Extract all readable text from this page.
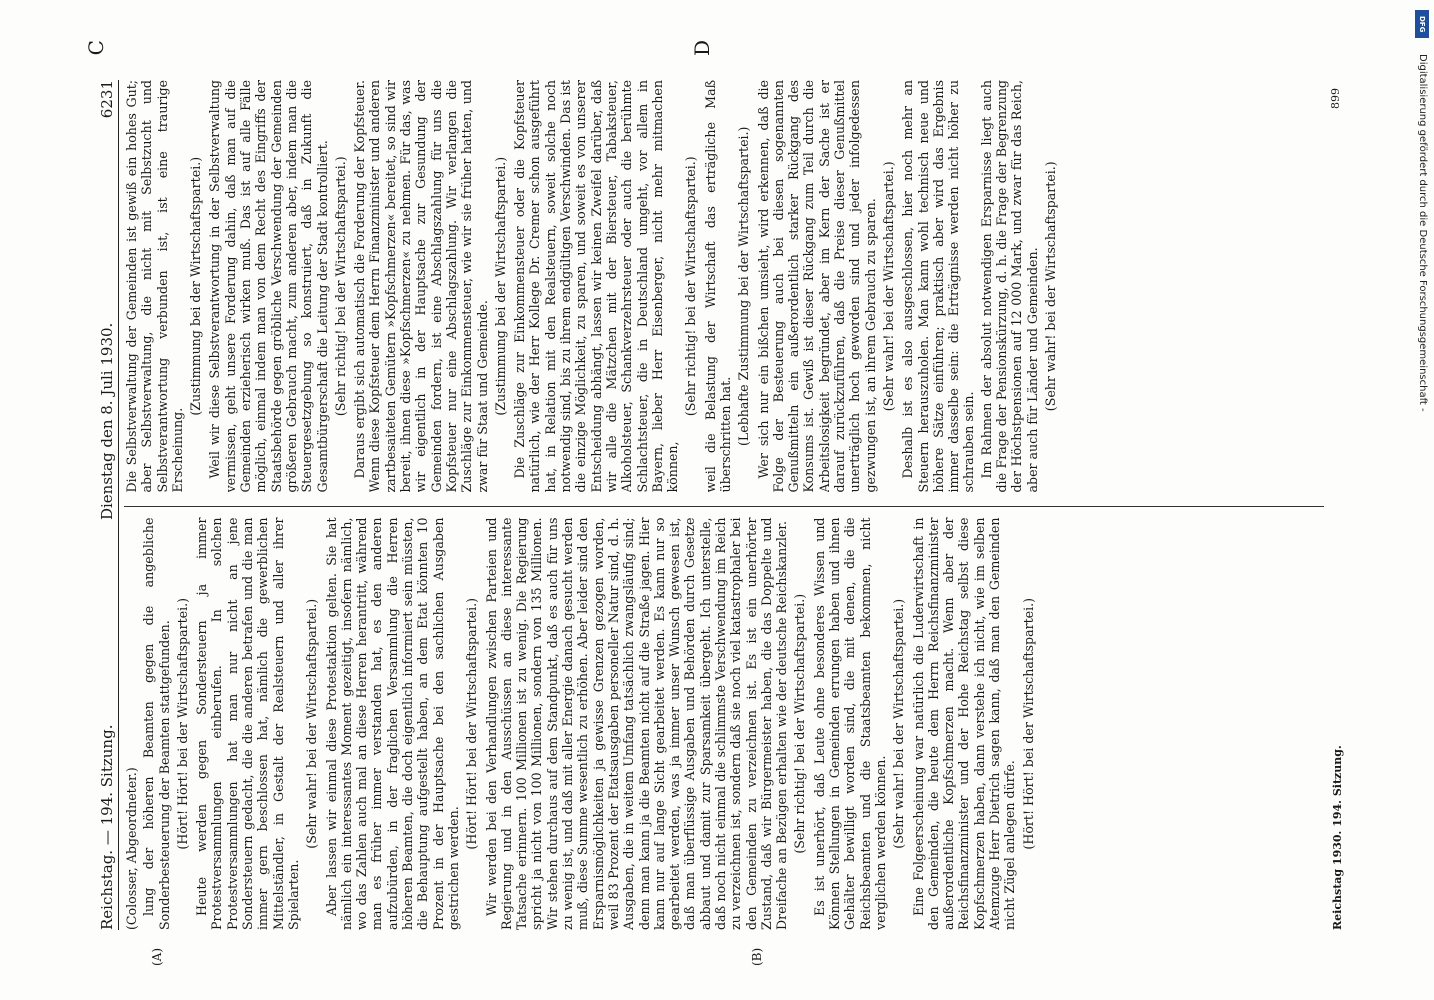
Reichstag. — 194. Sitzung.
Dienstag den 8. Juli 1930.
6231
(A)	(B)
C	D

(Colosser, Abgeordneter.) lung der höheren Beamten gegen die angebliche Sonderbesteuerung der Beamten stattgefunden. (Hört! Hört! bei der Wirtschaftspartei.) Heute werden gegen Sondersteuern ja immer Protestversammlungen einberufen. In solchen Protestversammlungen hat man nur nicht an jene Sondersteuern gedacht, die die anderen betrafen und die man immer gern beschlossen hat, nämlich die gewerblichen Mittelständler, in Gestalt der Realsteuern und aller ihrer Spielarten.

(Sehr wahr! bei der Wirtschaftspartei.) Aber lassen wir einmal diese Protestaktion gelten. Sie hat nämlich ein interessantes Moment gezeitigt, insofern nämlich, wo das Zahlen auch mal an diese Herren herantritt, während man es früher immer verstanden hat, es den anderen aufzubürden, in der fraglichen Versammlung die Herren höheren Beamten, die doch eigentlich informiert sein müssten, die Behauptung aufgestellt haben, an dem Etat könnten 10 Prozent in der Hauptsache bei den sachlichen Ausgaben gestrichen werden.

(Hört! Hört! bei der Wirtschaftspartei.) Wir werden bei den Verhandlungen zwischen Parteien und Regierung und in den Ausschüssen an diese interessante Tatsache erinnern. 100 Millionen ist zu wenig. Die Regierung spricht ja nicht von 100 Millionen, sondern von 135 Millionen. Wir stehen durchaus auf dem Standpunkt, daß es auch für uns zu wenig ist, und daß mit aller Energie danach gesucht werden muß, diese Summe wesentlich zu erhöhen. Aber leider sind den Ersparnismöglichkeiten ja gewisse Grenzen gezogen worden, weil 83 Prozent der Etatsausgaben personeller Natur sind, d. h. Ausgaben, die in weitem Umfang tatsächlich zwangsläufig sind; denn man kann ja die Beamten nicht auf die Straße jagen. Hier kann nur auf lange Sicht gearbeitet werden. Es kann nur so gearbeitet werden, was ja immer unser Wunsch gewesen ist, daß man überflüssige Ausgaben und Behörden durch Gesetze abbaut und damit zur Sparsamkeit übergeht. Ich unterstelle, daß noch nicht einmal die schlimmste Verschwendung im Reich zu verzeichnen ist, sondern daß sie noch viel katastrophaler bei den Gemeinden zu verzeichnen ist. Es ist ein unerhörter Zustand, daß wir Bürgermeister haben, die das Doppelte und Dreifache an Bezügen erhalten wie der deutsche Reichskanzler. (Sehr richtig! bei der Wirtschaftspartei.) Es ist unerhört, daß Leute ohne besonderes Wissen und Können Stellungen in Gemeinden errungen haben und ihnen Gehälter bewilligt worden sind, die mit denen, die die Reichsbeamten und die Staatsbeamten bekommen, nicht verglichen werden können. (Sehr wahr! bei der Wirtschaftspartei.) Eine Folgeerscheinung war natürlich die Luderwirtschaft in den Gemeinden, die heute dem Herrn Reichsfinanzminister außerordentliche Kopfschmerzen macht. Wenn aber der Reichsfinanzminister und der Hohe Reichstag selbst diese Kopfschmerzen haben, dann verstehe ich nicht, wie im selben Atemzuge Herr Dietrich sagen kann, daß man den Gemeinden nicht Zügel anlegen dürfe. (Hört! Hört! bei der Wirtschaftspartei.)

Die Selbstverwaltung der Gemeinden ist gewiß ein hohes Gut; aber Selbstverwaltung, die nicht mit Selbstzucht und Selbstverantwortung verbunden ist, ist eine traurige Erscheinung.

(Zustimmung bei der Wirtschaftspartei.) Weil wir diese Selbstverantwortung in der Selbstverwaltung vermissen, geht unsere Forderung dahin, daß man auf die Gemeinden erzieherisch wirken muß. Das ist auf alle Fälle möglich, einmal indem man von dem Recht des Eingriffs der Staatsbehörde gegen gröbliche Verschwendung der Gemeinden größeren Gebrauch macht, zum anderen aber, indem man die Steuergesetzgebung so konstruiert, daß in Zukunft die Gesamtbürgerschaft die Leitung der Stadt kontrolliert. (Sehr richtig! bei der Wirtschaftspartei.) Daraus ergibt sich automatisch die Forderung der Kopfsteuer. Wenn diese Kopfsteuer dem Herrn Finanzminister und anderen zartbesaiteten Gemütern »Kopfschmerzen« bereitet, so sind wir bereit, ihnen diese »Kopfschmerzen« zu nehmen. Für das, was wir eigentlich in der Hauptsache zur Gesundung der Gemeinden fordern, ist eine Abschlagszahlung für uns die Kopfsteuer nur eine Abschlagszahlung. Wir verlangen die Zuschläge zur Einkommensteuer, wie wir sie früher hatten, und zwar für Staat und Gemeinde. (Zustimmung bei der Wirtschaftspartei.) Die Zuschläge zur Einkommensteuer oder die Kopfsteuer natürlich, wie der Herr Kollege Dr. Cremer schon ausgeführt hat, in Relation mit den Realsteuern, soweit solche noch notwendig sind, bis zu ihrem endgültigen Verschwinden. Das ist die einzige Möglichkeit, zu sparen, und soweit es von unserer Entscheidung abhängt, lassen wir keinen Zweifel darüber, daß wir alle die Mätzchen mit der Biersteuer, Tabaksteuer, Alkoholsteuer, Schankverzehrsteuer oder auch die berühmte Schlachtsteuer, die in Deutschland umgeht, vor allem in Bayern, lieber Herr Eisenberger, nicht mehr mitmachen können,

(Sehr richtig! bei der Wirtschaftspartei.) weil die Belastung der Wirtschaft das erträgliche Maß überschritten hat. (Lebhafte Zustimmung bei der Wirtschaftspartei.) Wer sich nur ein bißchen umsieht, wird erkennen, daß die Folge der Besteuerung auch bei diesen sogenannten Genußmitteln ein außerordentlich starker Rückgang des Konsums ist. Gewiß ist dieser Rückgang zum Teil durch die Arbeitslosigkeit begründet, aber im Kern der Sache ist er darauf zurückzuführen, daß die Preise dieser Genußmittel unerträglich hoch geworden sind und jeder infolgedessen gezwungen ist, an ihrem Gebrauch zu sparen. (Sehr wahr! bei der Wirtschaftspartei.) Deshalb ist es also ausgeschlossen, hier noch mehr an Steuern herauszuholen. Man kann wohl technisch neue und höhere Sätze einführen; praktisch aber wird das Ergebnis immer dasselbe sein: die Erträgnisse werden nicht höher zu schrauben sein. Im Rahmen der absolut notwendigen Ersparnisse liegt auch die Frage der Pensionskürzung, d. h. die Frage der Begrenzung der Höchstpensionen auf 12 000 Mark, und zwar für das Reich, aber auch für Länder und Gemeinden. (Sehr wahr! bei der Wirtschaftspartei.)

Reichstag 1930. 194. Sitzung.
899	Digitalisierung gefördert durch die Deutsche Forschungsgemeinschaft -
DFG
